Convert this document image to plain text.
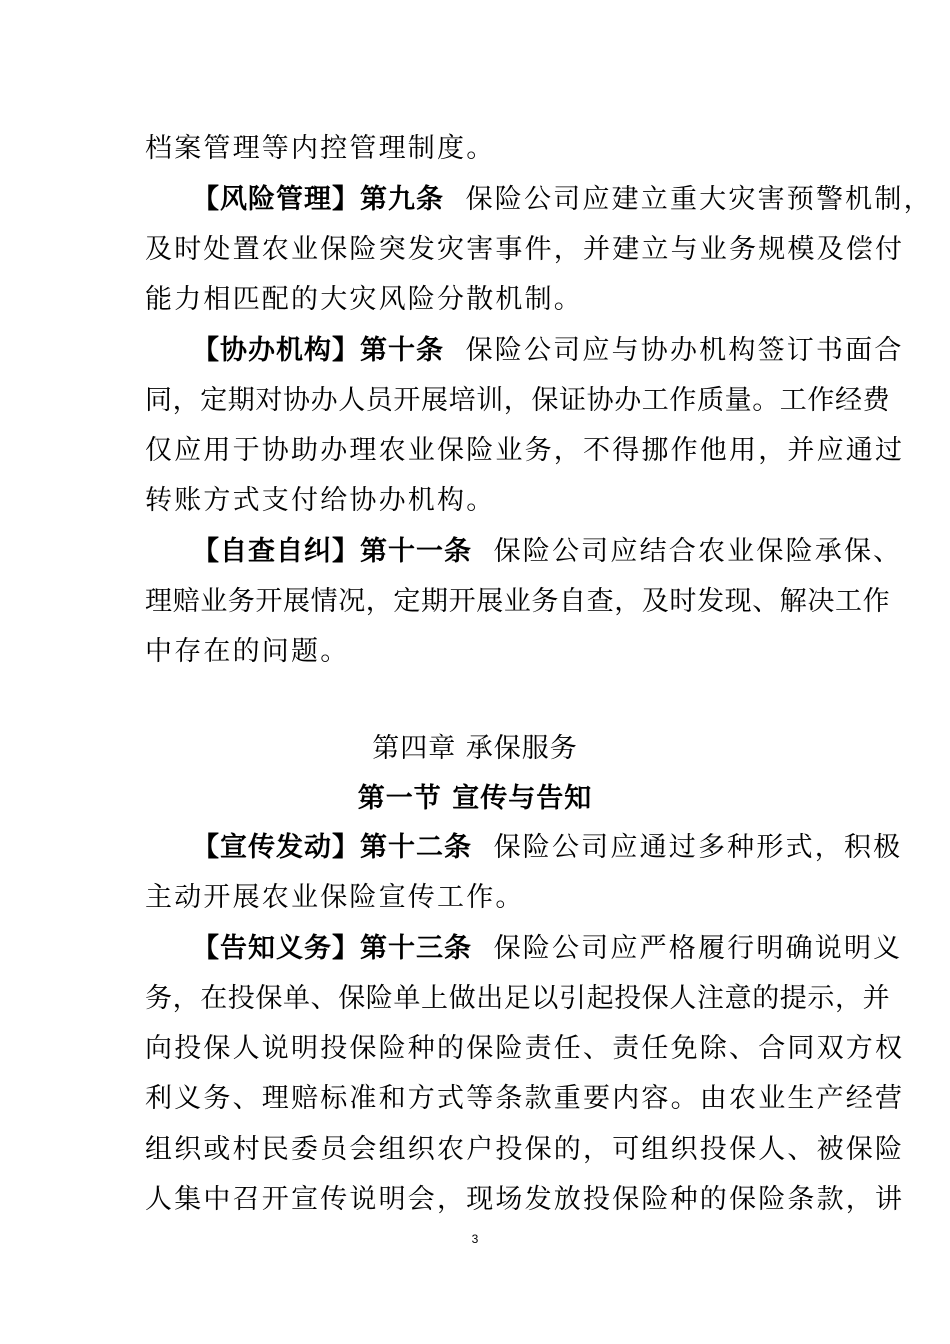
档案管理等内控管理制度。
【风险管理】第九条 保险公司应建立重大灾害预警机制，
及时处置农业保险突发灾害事件，并建立与业务规模及偿付
能力相匹配的大灾风险分散机制。
【协办机构】第十条 保险公司应与协办机构签订书面合
同，定期对协办人员开展培训，保证协办工作质量。工作经费
仅应用于协助办理农业保险业务，不得挪作他用，并应通过
转账方式支付给协办机构。
【自查自纠】第十一条 保险公司应结合农业保险承保、
理赔业务开展情况，定期开展业务自查，及时发现、解决工作
中存在的问题。
第四章 承保服务
第一节 宣传与告知
【宣传发动】第十二条 保险公司应通过多种形式，积极
主动开展农业保险宣传工作。
【告知义务】第十三条 保险公司应严格履行明确说明义
务，在投保单、保险单上做出足以引起投保人注意的提示，并
向投保人说明投保险种的保险责任、责任免除、合同双方权
利义务、理赔标准和方式等条款重要内容。由农业生产经营
组织或村民委员会组织农户投保的，可组织投保人、被保险
人集中召开宣传说明会，现场发放投保险种的保险条款，讲
3
